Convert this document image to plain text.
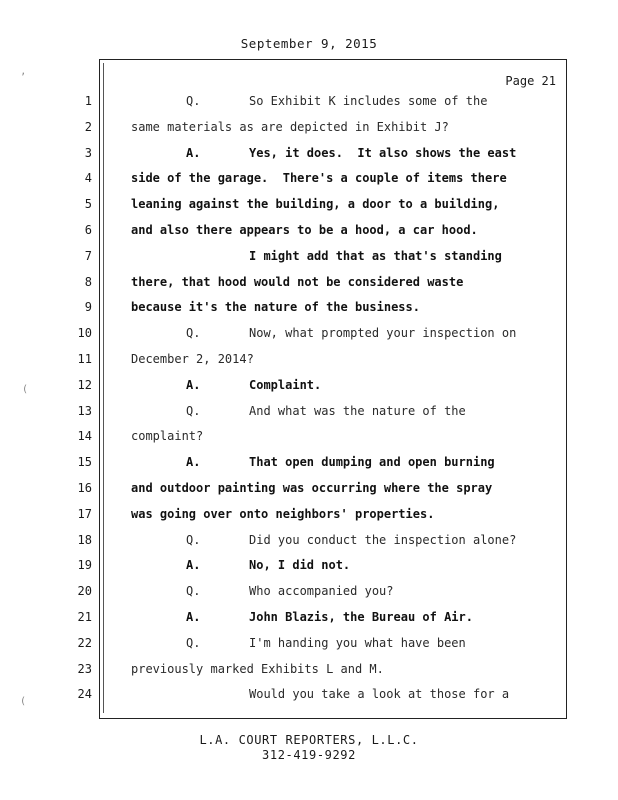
September 9, 2015
Page 21
1	Q.	So Exhibit K includes some of the
2	same materials as are depicted in Exhibit J?
3	A.	Yes, it does.  It also shows the east
4	side of the garage.  There's a couple of items there
5	leaning against the building, a door to a building,
6	and also there appears to be a hood, a car hood.
7	I might add that as that's standing
8	there, that hood would not be considered waste
9	because it's the nature of the business.
10	Q.	Now, what prompted your inspection on
11	December 2, 2014?
12	A.	Complaint.
13	Q.	And what was the nature of the
14	complaint?
15	A.	That open dumping and open burning
16	and outdoor painting was occurring where the spray
17	was going over onto neighbors' properties.
18	Q.	Did you conduct the inspection alone?
19	A.	No, I did not.
20	Q.	Who accompanied you?
21	A.	John Blazis, the Bureau of Air.
22	Q.	I'm handing you what have been
23	previously marked Exhibits L and M.
24	Would you take a look at those for a
L.A. COURT REPORTERS, L.L.C.
312-419-9292
ʼ
(
(
